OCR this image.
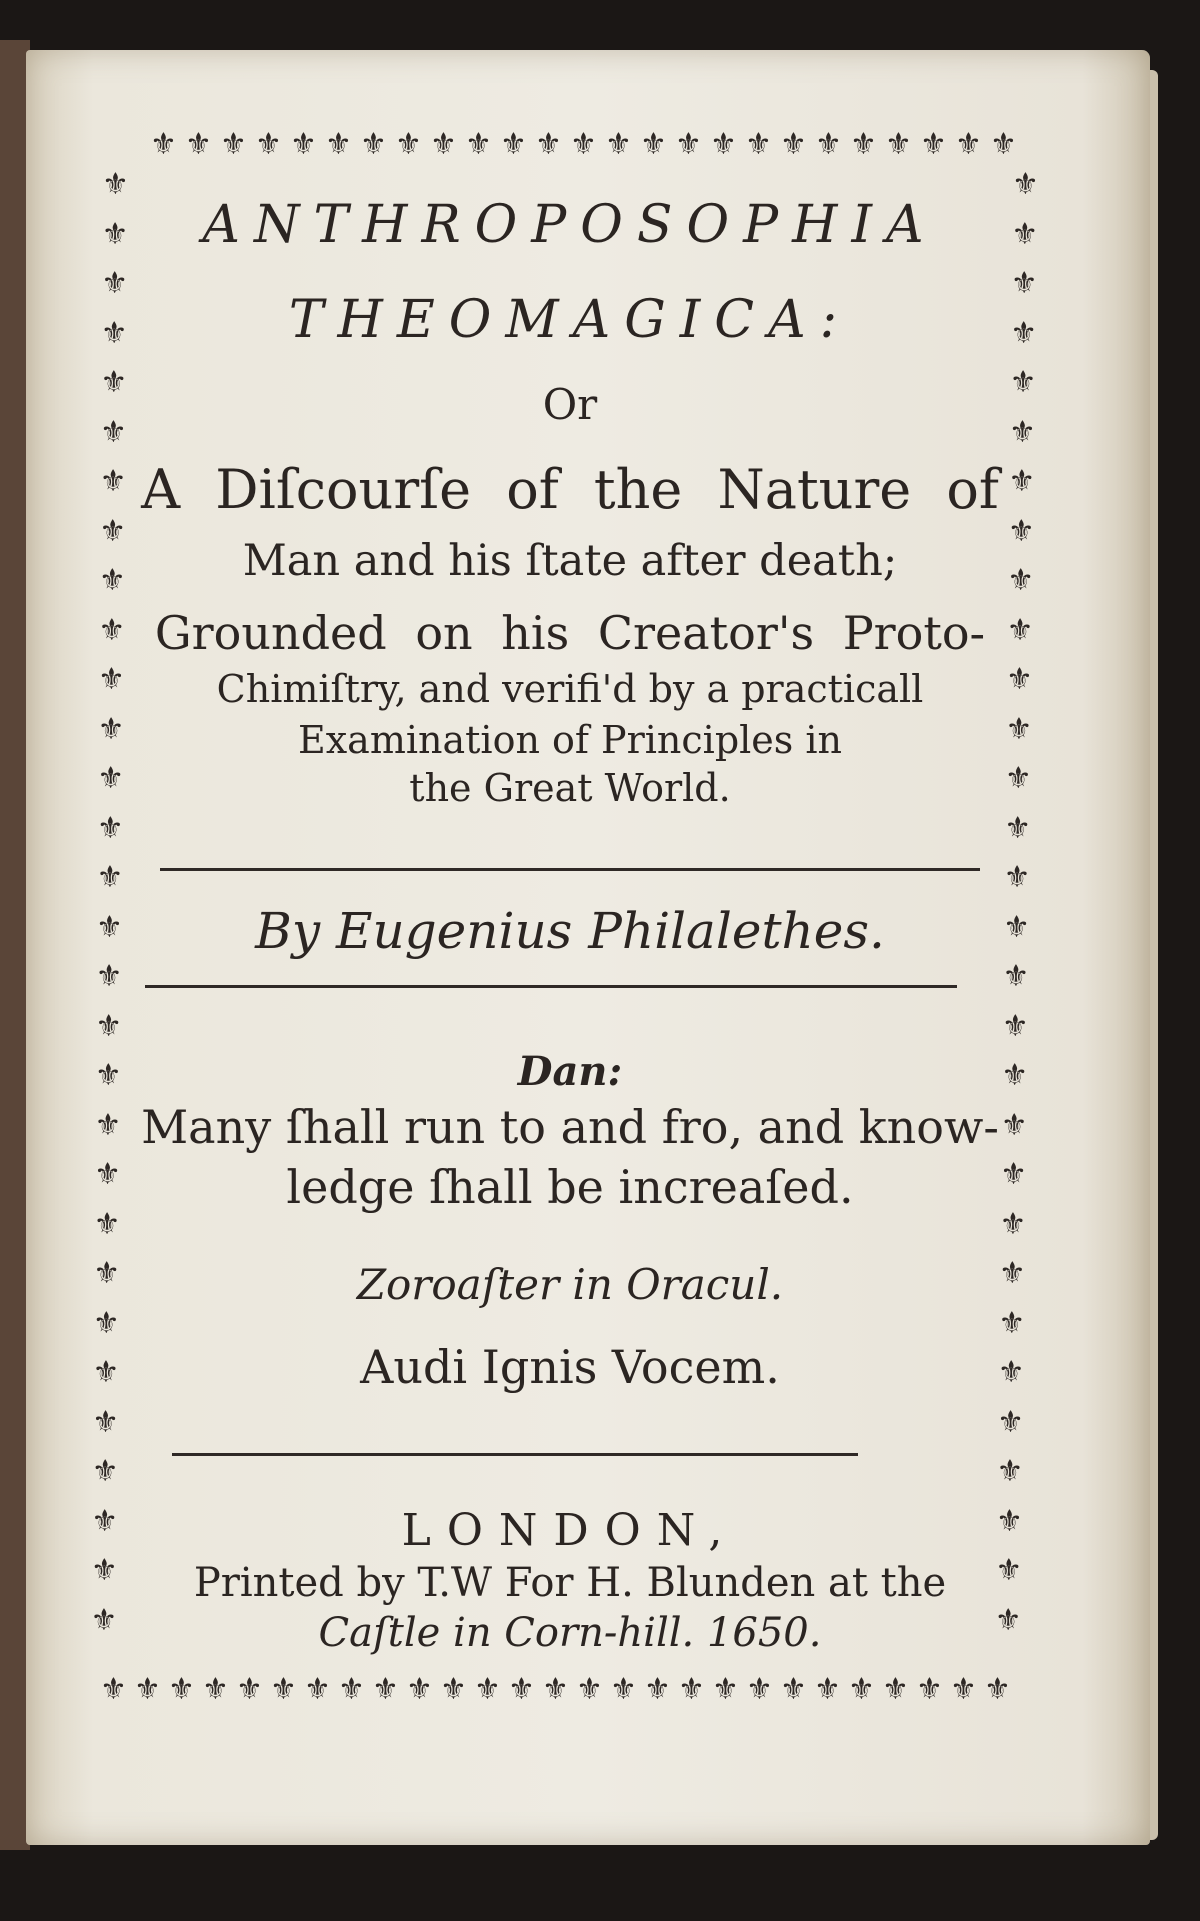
⚜ ⚜ ⚜ ⚜ ⚜ ⚜ ⚜ ⚜ ⚜ ⚜ ⚜ ⚜ ⚜ ⚜ ⚜ ⚜ ⚜ ⚜ ⚜ ⚜ ⚜ ⚜ ⚜ ⚜ ⚜
⚜ ⚜ ⚜ ⚜ ⚜ ⚜ ⚜ ⚜ ⚜ ⚜ ⚜ ⚜ ⚜ ⚜ ⚜ ⚜ ⚜ ⚜ ⚜ ⚜ ⚜ ⚜ ⚜ ⚜ ⚜ ⚜ ⚜
⚜	⚜
⚜	⚜
⚜	⚜
⚜	⚜
⚜	⚜
⚜	⚜
⚜	⚜
⚜	⚜
⚜	⚜
⚜	⚜
⚜	⚜
⚜	⚜
⚜	⚜
⚜	⚜
⚜	⚜
⚜	⚜
⚜	⚜
⚜	⚜
⚜	⚜
⚜	⚜
⚜	⚜
⚜	⚜
⚜	⚜
⚜	⚜
⚜	⚜
⚜	⚜
⚜	⚜
⚜	⚜
⚜	⚜
⚜	⚜
ANTHROPOSOPHIA
THEOMAGICA:
Or
A Diſcourſe of the Nature of
Man and his ſtate after death;
Grounded on his Creator's Proto-
Chimiſtry, and verifi'd by a practicall
Examination of Principles in
the Great World.
By Eugenius Philalethes.
Dan:
Many ſhall run to and fro, and know-
ledge ſhall be increaſed.
Zoroaſter in Oracul.
Audi Ignis Vocem.
LONDON,
Printed by T.W For H. Blunden at the
Caſtle in Corn-hill. 1650.
